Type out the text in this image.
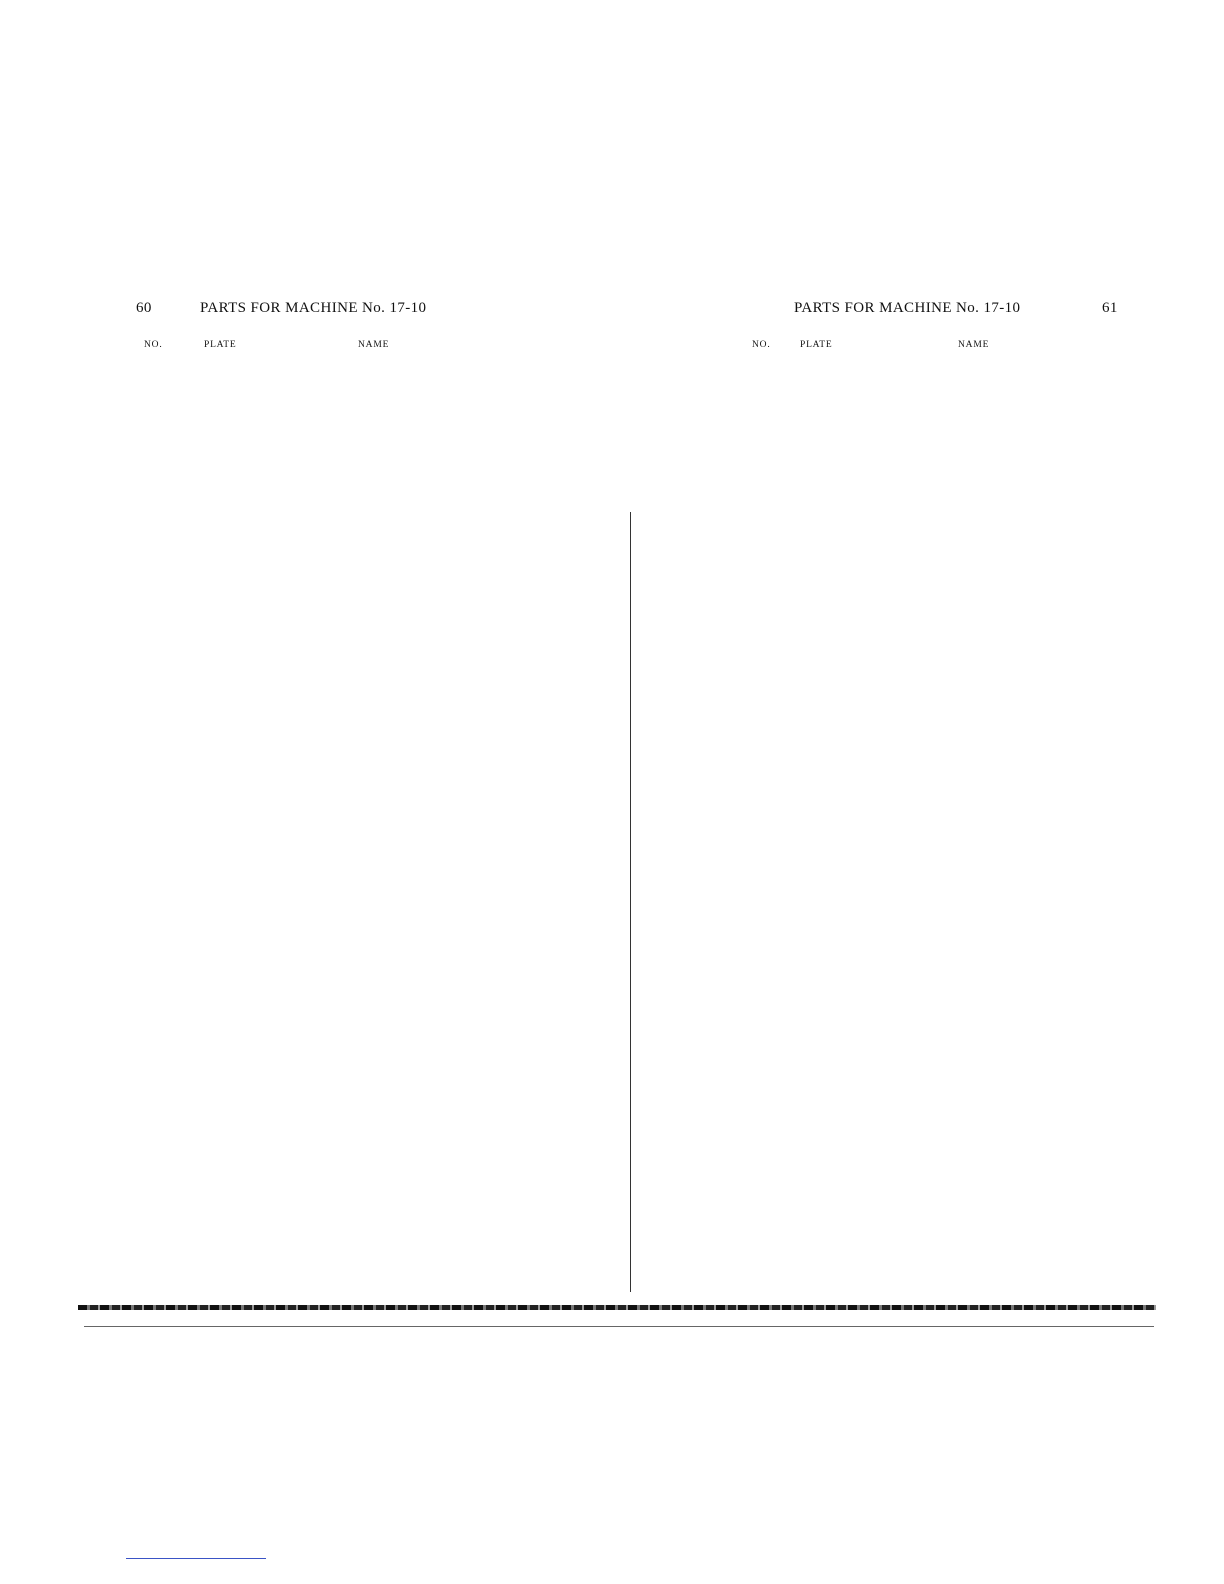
60	PARTS FOR MACHINE No. 17-10
NO.	PLATE	NAME
PARTS FOR MACHINE No. 17-10	61
NO.	PLATE	NAME
